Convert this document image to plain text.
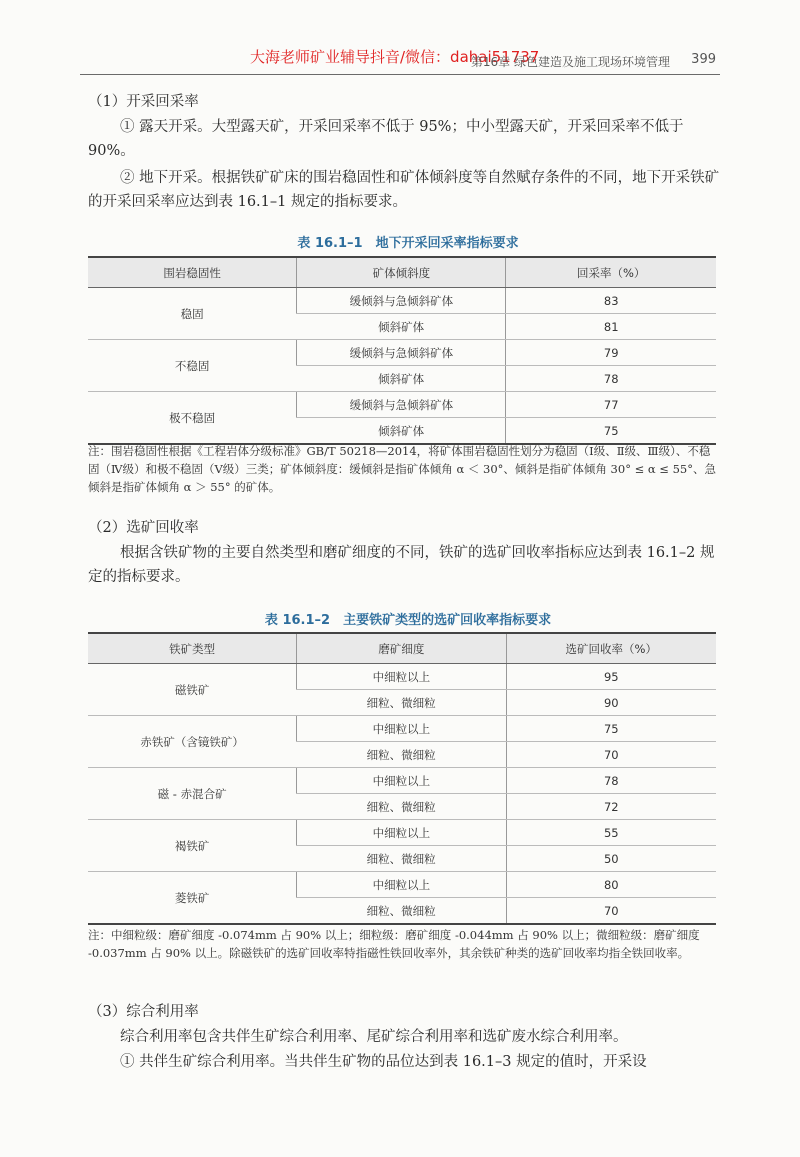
大海老师矿业辅导抖音/微信：dahai51737
第16章 绿色建造及施工现场环境管理 399
（1）开采回采率
① 露天开采。大型露天矿，开采回采率不低于 95%；中小型露天矿，开采回采率不低于 90%。
② 地下开采。根据铁矿矿床的围岩稳固性和矿体倾斜度等自然赋存条件的不同，地下开采铁矿的开采回采率应达到表 16.1–1 规定的指标要求。
表 16.1–1　地下开采回采率指标要求
围岩稳固性	矿体倾斜度	回采率（%）
稳固	缓倾斜与急倾斜矿体	83
	倾斜矿体	81
不稳固	缓倾斜与急倾斜矿体	79
	倾斜矿体	78
极不稳固	缓倾斜与急倾斜矿体	77
	倾斜矿体	75
注：围岩稳固性根据《工程岩体分级标准》GB/T 50218—2014，将矿体围岩稳固性划分为稳固（Ⅰ级、Ⅱ级、Ⅲ级）、不稳固（Ⅳ级）和极不稳固（Ⅴ级）三类；矿体倾斜度：缓倾斜是指矿体倾角 α ＜ 30°、倾斜是指矿体倾角 30° ≤ α ≤ 55°、急倾斜是指矿体倾角 α ＞ 55° 的矿体。
（2）选矿回收率
根据含铁矿物的主要自然类型和磨矿细度的不同，铁矿的选矿回收率指标应达到表 16.1–2 规定的指标要求。
表 16.1–2　主要铁矿类型的选矿回收率指标要求
铁矿类型	磨矿细度	选矿回收率（%）
磁铁矿	中细粒以上	95
	细粒、微细粒	90
赤铁矿（含镜铁矿）	中细粒以上	75
	细粒、微细粒	70
磁 - 赤混合矿	中细粒以上	78
	细粒、微细粒	72
褐铁矿	中细粒以上	55
	细粒、微细粒	50
菱铁矿	中细粒以上	80
	细粒、微细粒	70
注：中细粒级：磨矿细度 -0.074mm 占 90% 以上；细粒级：磨矿细度 -0.044mm 占 90% 以上；微细粒级：磨矿细度 -0.037mm 占 90% 以上。除磁铁矿的选矿回收率特指磁性铁回收率外，其余铁矿种类的选矿回收率均指全铁回收率。
（3）综合利用率
综合利用率包含共伴生矿综合利用率、尾矿综合利用率和选矿废水综合利用率。
① 共伴生矿综合利用率。当共伴生矿物的品位达到表 16.1–3 规定的值时，开采设
